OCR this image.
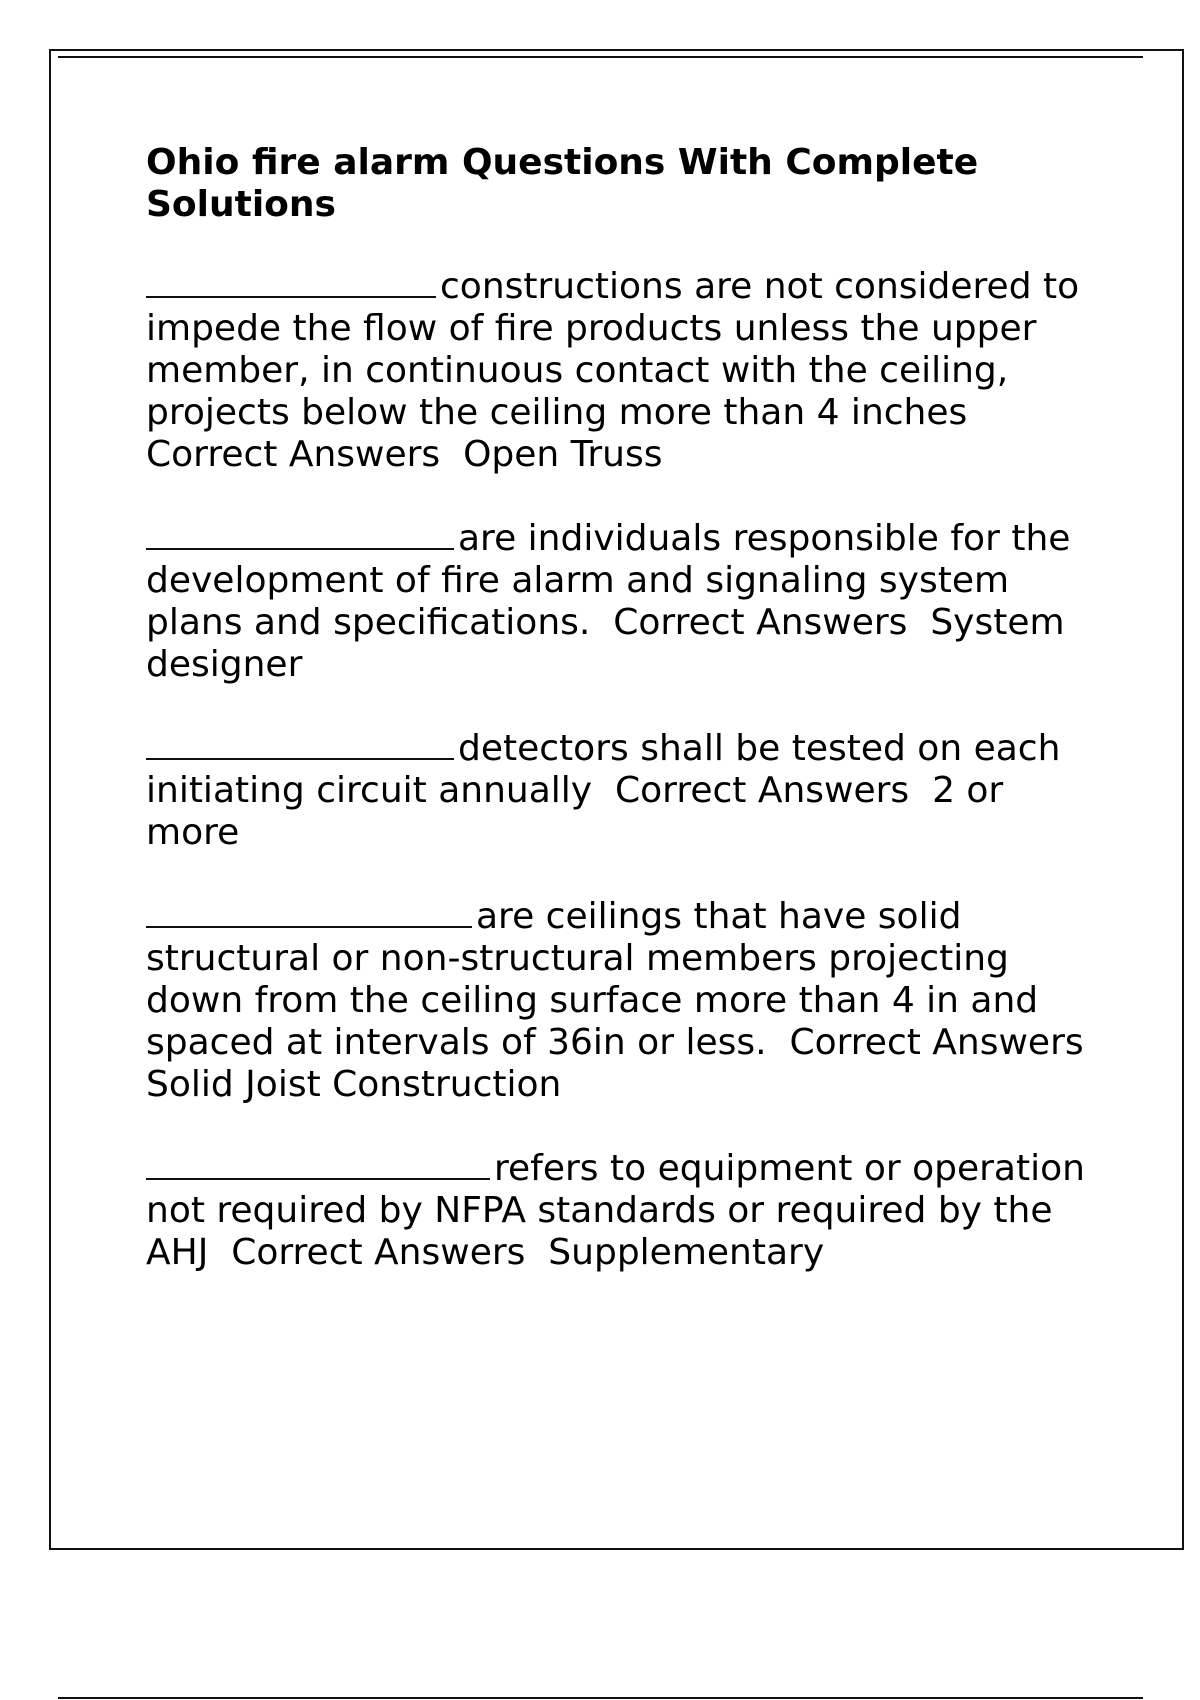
Ohio fire alarm Questions With Complete Solutions

constructions are not considered to impede the flow of fire products unless the upper member, in continuous contact with the ceiling, projects below the ceiling more than 4 inches  Correct Answers Open Truss

are individuals responsible for the development of fire alarm and signaling system plans and specifications. Correct Answers System designer

detectors shall be tested on each initiating circuit annually Correct Answers 2 or more

are ceilings that have solid structural or non-structural members projecting down from the ceiling surface more than 4 in and spaced at intervals of 36in or less. Correct Answers  Solid Joist Construction

refers to equipment or operation not required by NFPA standards or required by the AHJ Correct Answers Supplementary
